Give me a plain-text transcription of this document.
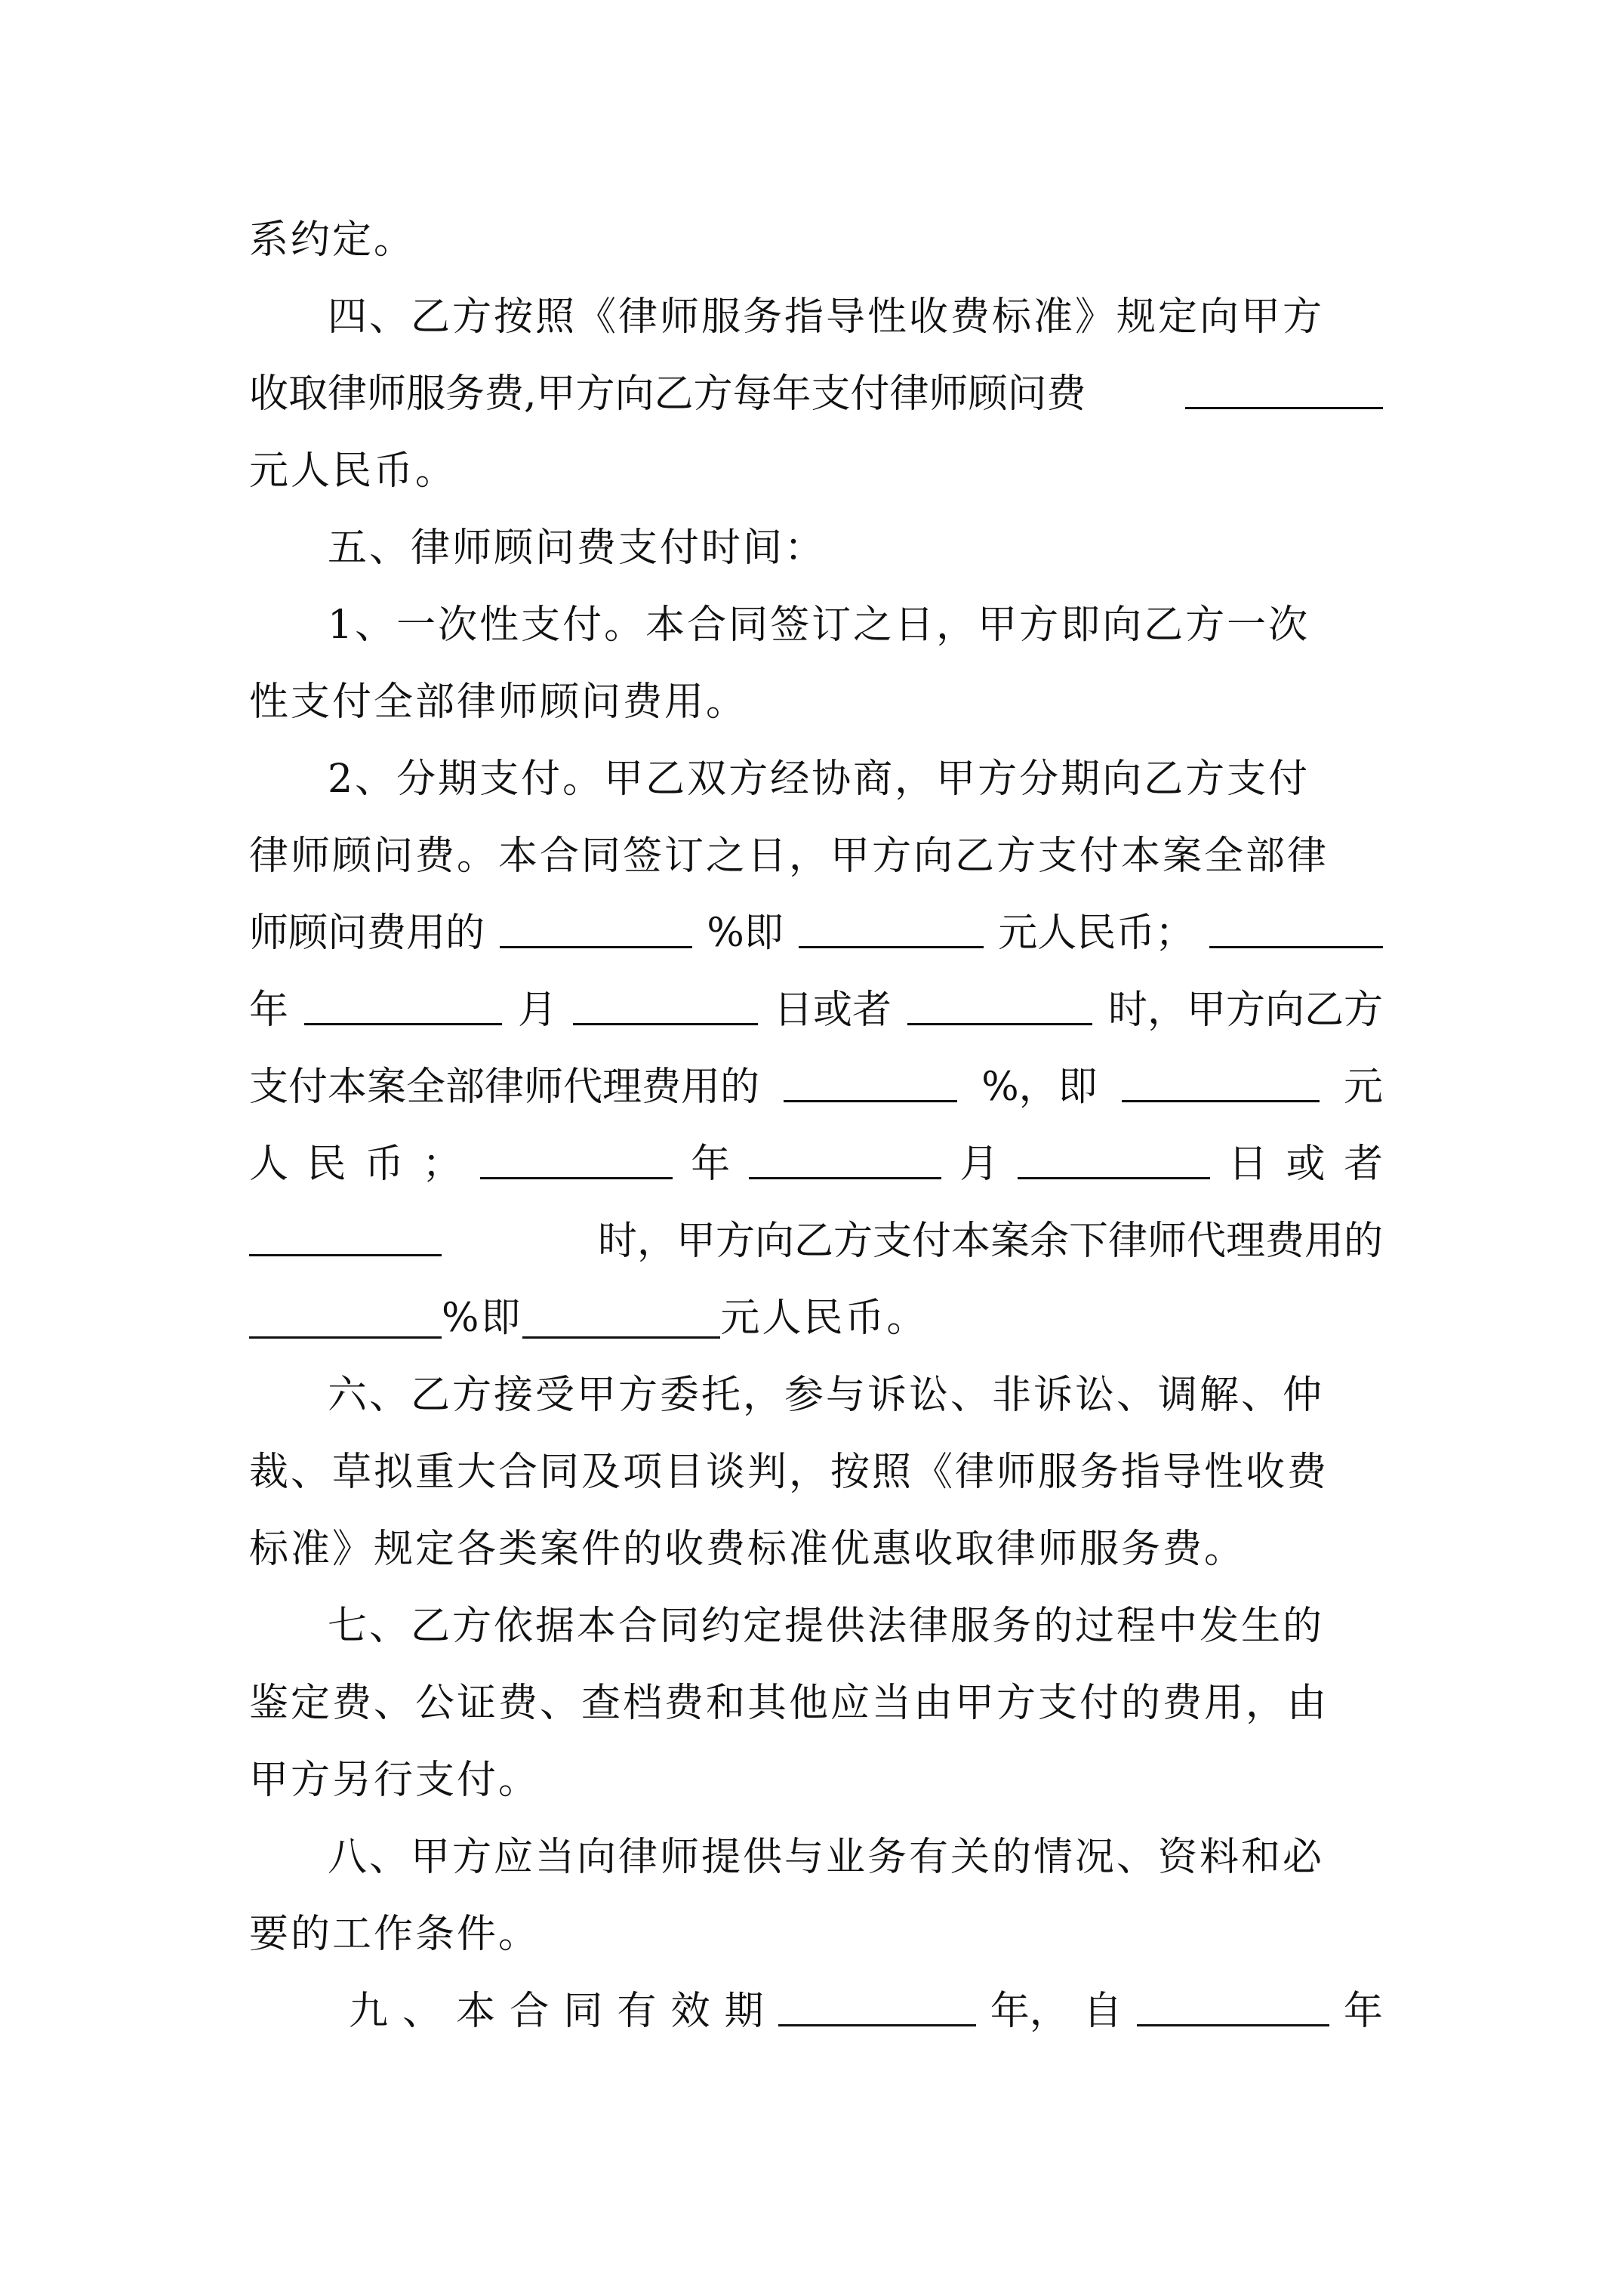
系约定。
四、乙方按照《律师服务指导性收费标准》规定向甲方
收取律师服务费,甲方向乙方每年支付律师顾问费
元人民币。
五、律师顾问费支付时间：
1、一次性支付。本合同签订之日，甲方即向乙方一次
性支付全部律师顾问费用。
2、分期支付。甲乙双方经协商，甲方分期向乙方支付
律师顾问费。本合同签订之日，甲方向乙方支付本案全部律
师顾问费用的	%即	元人民币；
年	月	日或者	时，甲方向乙方
支付本案全部律师代理费用的	%，即	元
人 民 币 ；	年	月	日 或 者
时，甲方向乙方支付本案余下律师代理费用的
%即	元人民币。
六、乙方接受甲方委托，参与诉讼、非诉讼、调解、仲
裁、草拟重大合同及项目谈判，按照《律师服务指导性收费
标准》规定各类案件的收费标准优惠收取律师服务费。
七、乙方依据本合同约定提供法律服务的过程中发生的
鉴定费、公证费、查档费和其他应当由甲方支付的费用，由
甲方另行支付。
八、甲方应当向律师提供与业务有关的情况、资料和必
要的工作条件。
九 、 本 合 同 有 效 期	年， 自	年
